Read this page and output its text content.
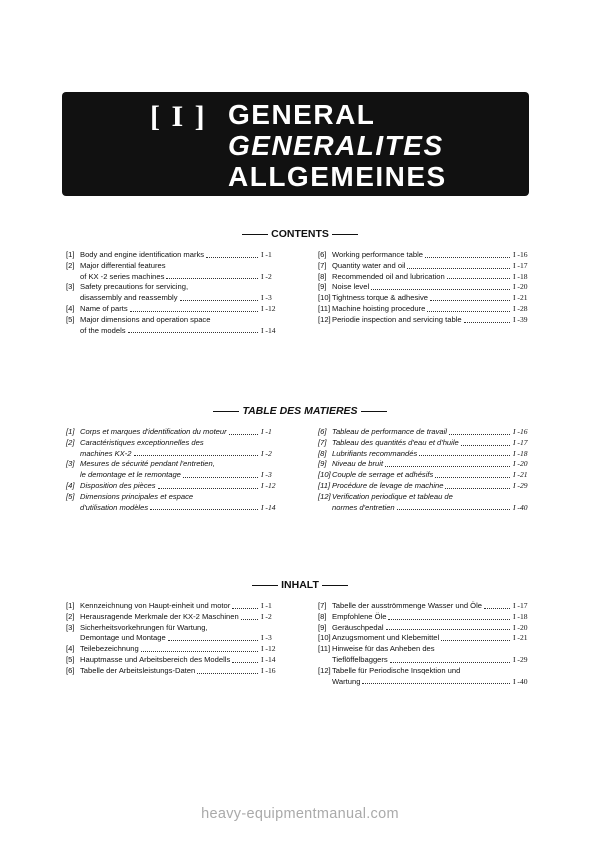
[ I ] GENERAL
GENERALITES
ALLGEMEINES
CONTENTS
[1] Body and engine identification marks	I -1
[2] Major differential features
of KX -2 series machines	I -2
[3] Safety precautions for servicing,
disassembly and reassembly	I -3
[4] Name of parts	I -12
[5] Major dimensions and operation space
of the models	I -14
[6] Working performance table	I -16
[7] Quantity water and oil	I -17
[8] Recommended oil and lubrication	I -18
[9] Noise level	I -20
[10] Tightness torque & adhesive	I -21
[11] Machine hoisting procedure	I -28
[12] Periodie inspection and servicing table	I -39
TABLE DES MATIERES
[1] Corps et marques d'identification du moteur	I -1
[2] Caractéristiques exceptionnelles des
machines KX-2	I -2
[3] Mesures de sécurité pendant l'entretien,
le demontage et le remontage	I -3
[4] Disposition des pièces	I -12
[5] Dimensions principales et espace
d'utilisation modèles	I -14
[6] Tableau de performance de travail	I -16
[7] Tableau des quantités d'eau et d'huile	I -17
[8] Lubrifiants recommandés	I -18
[9] Niveau de bruit	I -20
[10] Couple de serrage et adhésifs	I -21
[11] Procédure de levage de machine	I -29
[12] Verification periodique et tableau de
normes d'entretien	I -40
INHALT
[1] Kennzeichnung von Haupt-einheit und motor	I -1
[2] Herausragende Merkmale der KX-2 Maschinen	I -2
[3] Sicherheitsvorkehrungen für Wartung,
Demontage und Montage	I -3
[4] Teilebezeichnung	I -12
[5] Hauptmasse und Arbeitsbereich des Modells	I -14
[6] Tabelle der Arbeitsleistungs-Daten	I -16
[7] Tabelle der ausströmmenge Wasser und Öle	I -17
[8] Empfohlene Öle	I -18
[9] Geräuschpedal	I -20
[10] Anzugsmoment und Klebemittel	I -21
[11] Hinweise für das Anheben des
Tieflöffelbaggers	I -29
[12] Tabelle für Periodische Insqektion und
Wartung	I -40
heavy-equipmentmanual.com
